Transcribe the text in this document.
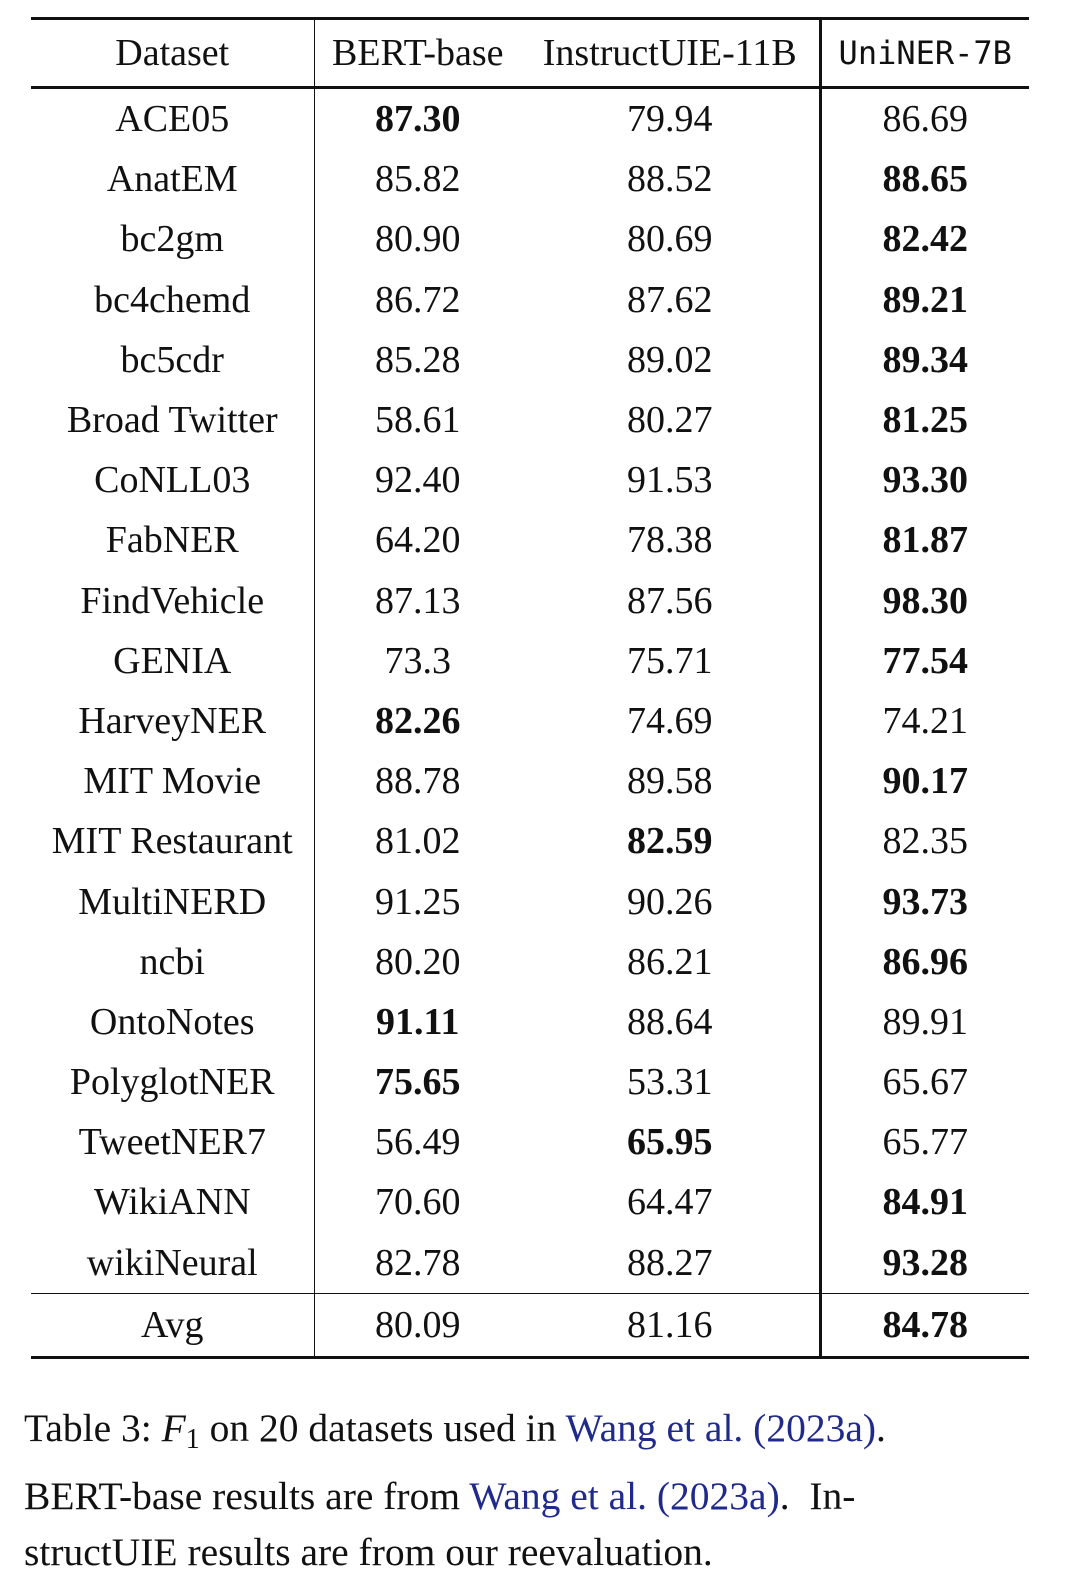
Dataset	BERT-base	InstructUIE-11B	UniNER-7B
ACE05	87.30	79.94	86.69
AnatEM	85.82	88.52	88.65
bc2gm	80.90	80.69	82.42
bc4chemd	86.72	87.62	89.21
bc5cdr	85.28	89.02	89.34
Broad Twitter	58.61	80.27	81.25
CoNLL03	92.40	91.53	93.30
FabNER	64.20	78.38	81.87
FindVehicle	87.13	87.56	98.30
GENIA	73.3	75.71	77.54
HarveyNER	82.26	74.69	74.21
MIT Movie	88.78	89.58	90.17
MIT Restaurant	81.02	82.59	82.35
MultiNERD	91.25	90.26	93.73
ncbi	80.20	86.21	86.96
OntoNotes	91.11	88.64	89.91
PolyglotNER	75.65	53.31	65.67
TweetNER7	56.49	65.95	65.77
WikiANN	70.60	64.47	84.91
wikiNeural	82.78	88.27	93.28
Avg	80.09	81.16	84.78
Table 3: $F_1$ on 20 datasets used in Wang et al. (2023a).
BERT-base results are from Wang et al. (2023a).  In-
structUIE results are from our reevaluation.
